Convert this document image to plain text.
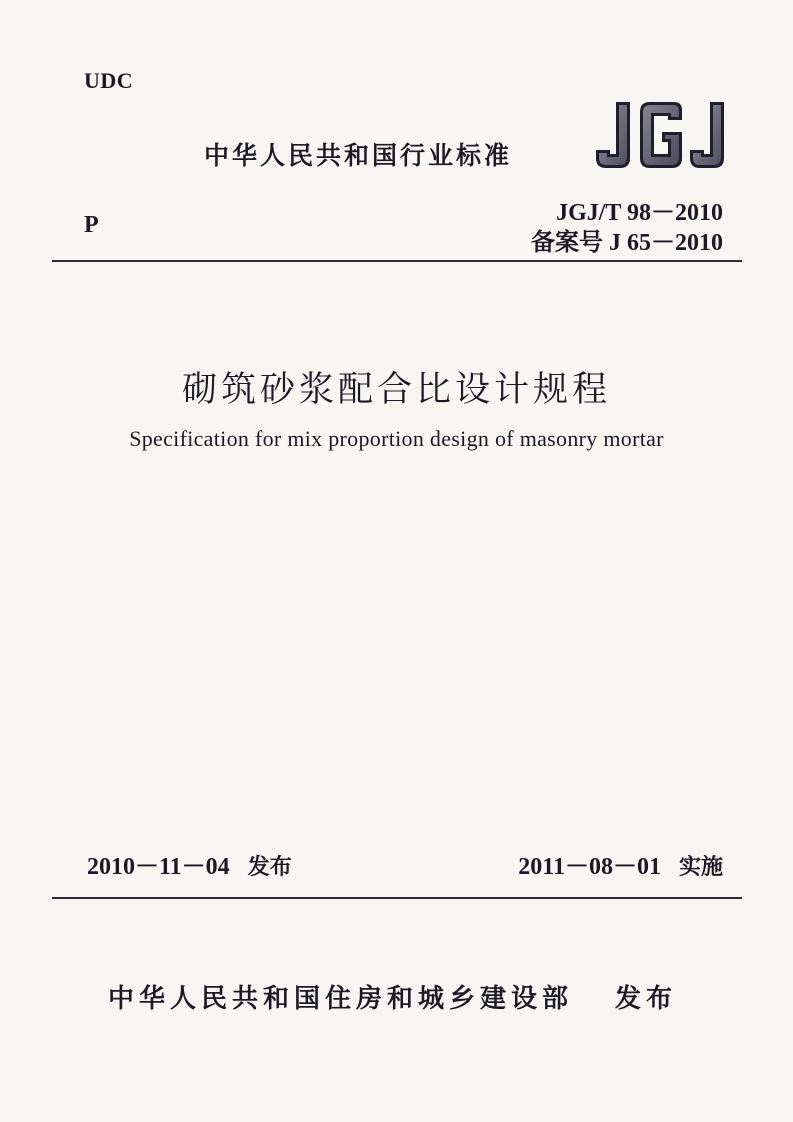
UDC
中华人民共和国行业标准
P	JGJ/T 98－2010
备案号 J 65－2010
砌筑砂浆配合比设计规程
Specification for mix proportion design of masonry mortar
2010－11－04 发布	2011－08－01 实施
中华人民共和国住房和城乡建设部 发布
